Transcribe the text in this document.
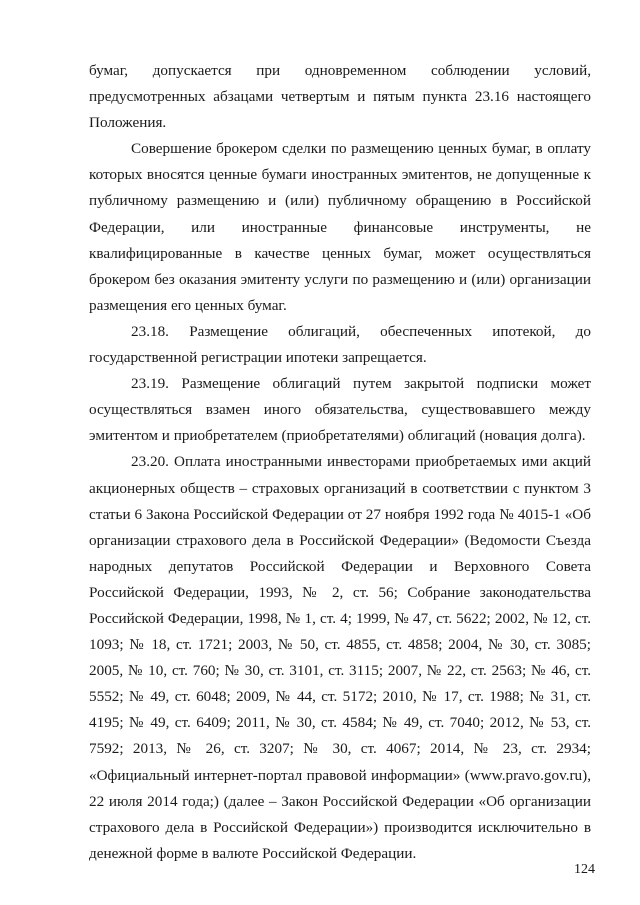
бумаг, допускается при одновременном соблюдении условий, предусмотренных абзацами четвертым и пятым пункта 23.16 настоящего Положения.

Совершение брокером сделки по размещению ценных бумаг, в оплату которых вносятся ценные бумаги иностранных эмитентов, не допущенные к публичному размещению и (или) публичному обращению в Российской Федерации, или иностранные финансовые инструменты, не квалифицированные в качестве ценных бумаг, может осуществляться брокером без оказания эмитенту услуги по размещению и (или) организации размещения его ценных бумаг.

23.18. Размещение облигаций, обеспеченных ипотекой, до государственной регистрации ипотеки запрещается.

23.19. Размещение облигаций путем закрытой подписки может осуществляться взамен иного обязательства, существовавшего между эмитентом и приобретателем (приобретателями) облигаций (новация долга).

23.20. Оплата иностранными инвесторами приобретаемых ими акций акционерных обществ – страховых организаций в соответствии с пунктом 3 статьи 6 Закона Российской Федерации от 27 ноября 1992 года № 4015-1 «Об организации страхового дела в Российской Федерации» (Ведомости Съезда народных депутатов Российской Федерации и Верховного Совета Российской Федерации, 1993, № 2, ст. 56; Собрание законодательства Российской Федерации, 1998, № 1, ст. 4; 1999, № 47, ст. 5622; 2002, № 12, ст. 1093; № 18, ст. 1721; 2003, № 50, ст. 4855, ст. 4858; 2004, № 30, ст. 3085; 2005, № 10, ст. 760; № 30, ст. 3101, ст. 3115; 2007, № 22, ст. 2563; № 46, ст. 5552; № 49, ст. 6048; 2009, № 44, ст. 5172; 2010, № 17, ст. 1988; № 31, ст. 4195; № 49, ст. 6409; 2011, № 30, ст. 4584; № 49, ст. 7040; 2012, № 53, ст. 7592; 2013, № 26, ст. 3207; № 30, ст. 4067; 2014, № 23, ст. 2934; «Официальный интернет-портал правовой информации» (www.pravo.gov.ru), 22 июля 2014 года;) (далее – Закон Российской Федерации «Об организации страхового дела в Российской Федерации») производится исключительно в денежной форме в валюте Российской Федерации.

124
